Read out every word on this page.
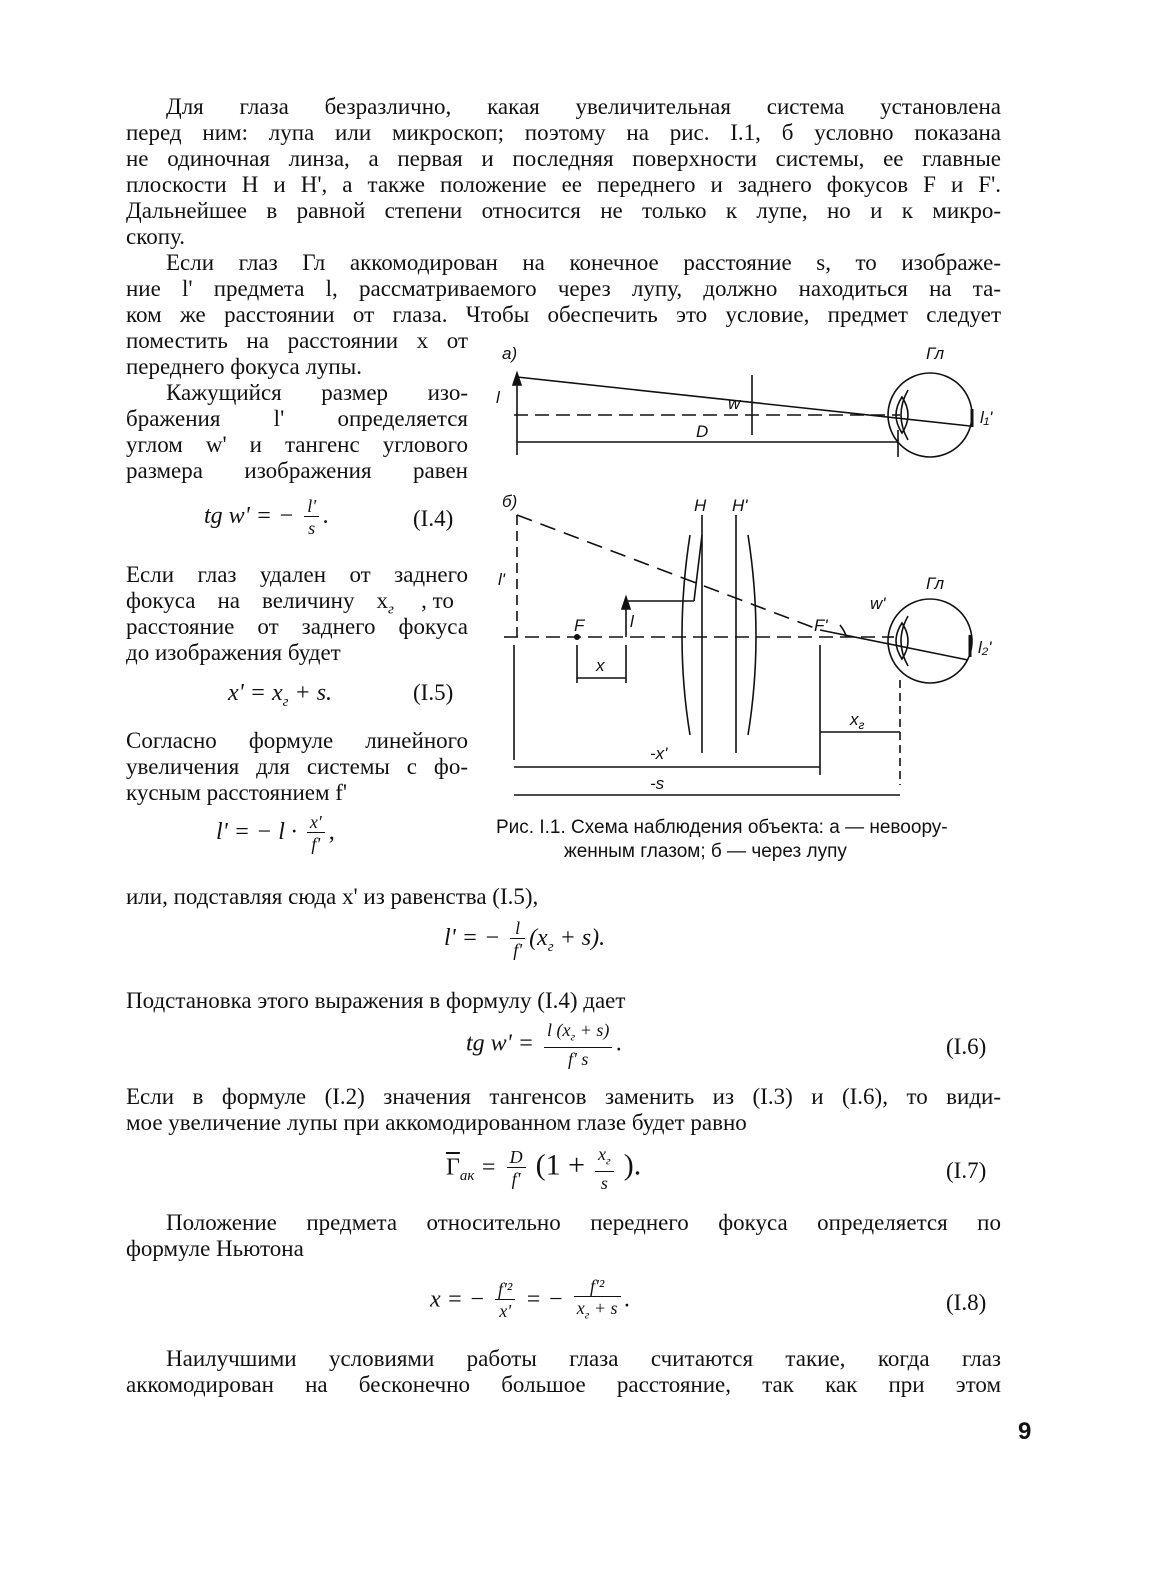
Для глаза безразлично, какая увеличительная система установлена
перед ним: лупа или микроскоп; поэтому на рис. I.1, б условно показана
не одиночная линза, а первая и последняя поверхности системы, ее главные
плоскости H и H', а также положение ее переднего и заднего фокусов F и F'.
Дальнейшее в равной степени относится не только к лупе, но и к микро-
скопу.
Если глаз Гл аккомодирован на конечное расстояние s, то изображе-
ние l' предмета l, рассматриваемого через лупу, должно находиться на та-
ком же расстоянии от глаза. Чтобы обеспечить это условие, предмет следует
поместить на расстоянии x от
переднего фокуса лупы.
Кажущийся размер изо-
бражения l' определяется
углом w' и тангенс углового
размера изображения равен
tg w' = − $\frac{l'}{s}$ .	(I.4)
Если глаз удален от заднего
фокуса на величину $x_г$ , то
расстояние от заднего фокуса
до изображения будет
$x' = x_г + s$.	(I.5)
Согласно формуле линейного
увеличения для системы с фо-
кусным расстоянием f'
l' = − $l \cdot \frac{x'}{f'}$ ,
а)	Гл
l	w
D
l₁'
б)	H H'
Гл
l'
F	l	F'
w'
x
$x_г$
-x'
-s
l₂'
Рис. I.1. Схема наблюдения объекта: а — невоору-
женным глазом; б — через лупу
или, подставляя сюда x' из равенства (I.5),
l' = − $\frac{l}{f'} (x_г + s)$.
Подстановка этого выражения в формулу (I.4) дает
tg $w' = \frac{l (x_г + s)}{f' s}$ .	(I.6)
Если в формуле (I.2) значения тангенсов заменить из (I.3) и (I.6), то види-
мое увеличение лупы при аккомодированном глазе будет равно
$\overline{\Gamma}_{ак} = \frac{D}{f'} (1 + \frac{x_г}{s}$ ).	(I.7)
Положение предмета относительно переднего фокуса определяется по
формуле Ньютона
x = − $\frac{\text{f'²}}{x'}$ = − $\frac{\text{f'²}}{x_г + s}$ .	(I.8)
Наилучшими условиями работы глаза считаются такие, когда глаз
аккомодирован на бесконечно большое расстояние, так как при этом
9
